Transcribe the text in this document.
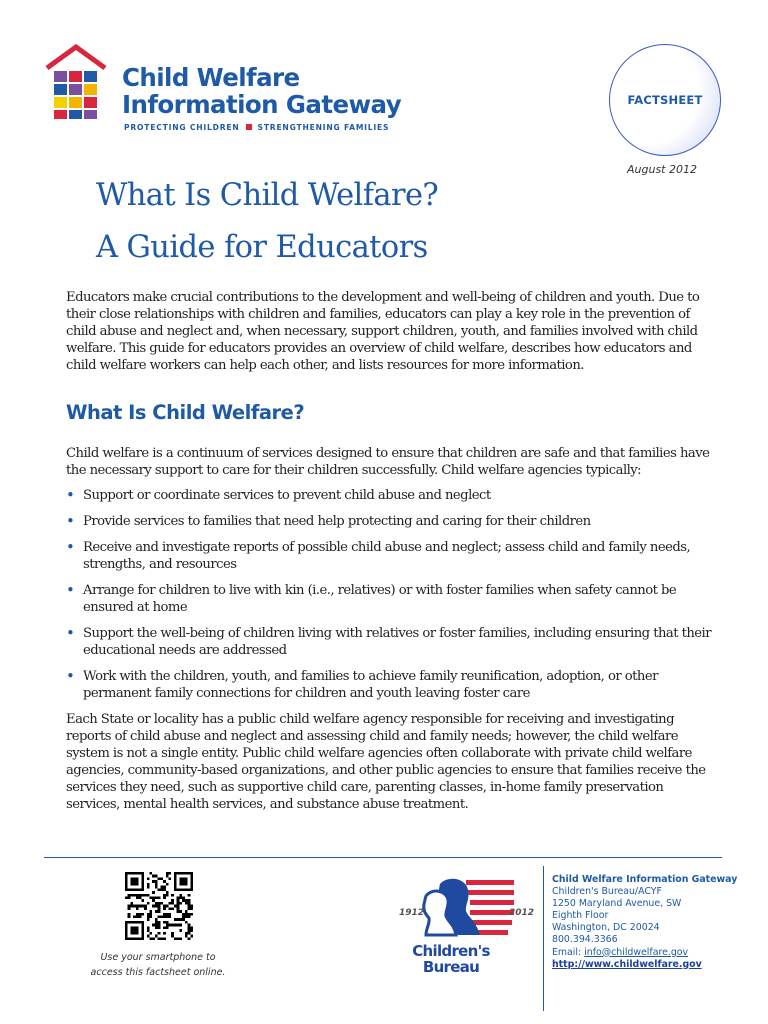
Child Welfare
Information Gateway
PROTECTING CHILDREN STRENGTHENING FAMILIES
FACTSHEET
August 2012
What Is Child Welfare?
A Guide for Educators

Educators make crucial contributions to the development and well-being of children and youth. Due to their close relationships with children and families, educators can play a key role in the prevention of child abuse and neglect and, when necessary, support children, youth, and families involved with child welfare. This guide for educators provides an overview of child welfare, describes how educators and child welfare workers can help each other, and lists resources for more information.

What Is Child Welfare?

Child welfare is a continuum of services designed to ensure that children are safe and that families have the necessary support to care for their children successfully. Child welfare agencies typically:

• Support or coordinate services to prevent child abuse and neglect
• Provide services to families that need help protecting and caring for their children
• Receive and investigate reports of possible child abuse and neglect; assess child and family needs, strengths, and resources
• Arrange for children to live with kin (i.e., relatives) or with foster families when safety cannot be ensured at home
• Support the well-being of children living with relatives or foster families, including ensuring that their educational needs are addressed
• Work with the children, youth, and families to achieve family reunification, adoption, or other permanent family connections for children and youth leaving foster care

Each State or locality has a public child welfare agency responsible for receiving and investigating reports of child abuse and neglect and assessing child and family needs; however, the child welfare system is not a single entity. Public child welfare agencies often collaborate with private child welfare agencies, community-based organizations, and other public agencies to ensure that families receive the services they need, such as supportive child care, parenting classes, in-home family preservation services, mental health services, and substance abuse treatment.

Use your smartphone to
access this factsheet online.
1912	2012
Children's
Bureau
Child Welfare Information Gateway
Children's Bureau/ACYF
1250 Maryland Avenue, SW
Eighth Floor
Washington, DC 20024
800.394.3366
Email: info@childwelfare.gov
http://www.childwelfare.gov
